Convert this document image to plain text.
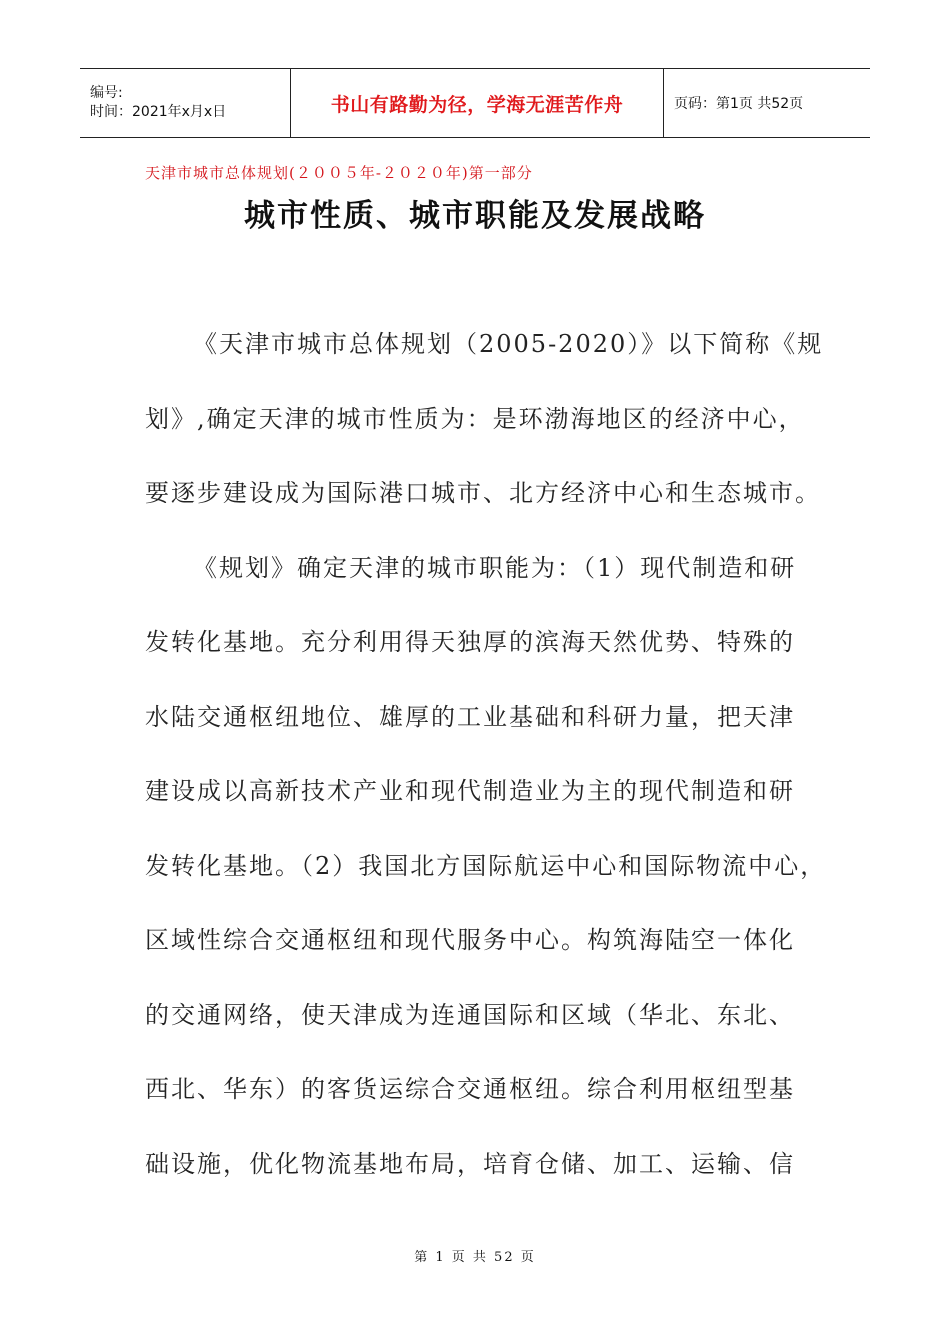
编号:
时间：2021年x月x日	书山有路勤为径，学海无涯苦作舟	页码：第1页 共52页
天津市城市总体规划(２００５年-２０２０年)第一部分
城市性质、城市职能及发展战略
《天津市城市总体规划（2005-2020）》以下简称《规
划》,确定天津的城市性质为：是环渤海地区的经济中心，
要逐步建设成为国际港口城市、北方经济中心和生态城市。
《规划》确定天津的城市职能为：（1）现代制造和研
发转化基地。充分利用得天独厚的滨海天然优势、特殊的
水陆交通枢纽地位、雄厚的工业基础和科研力量，把天津
建设成以高新技术产业和现代制造业为主的现代制造和研
发转化基地。（2）我国北方国际航运中心和国际物流中心，
区域性综合交通枢纽和现代服务中心。构筑海陆空一体化
的交通网络，使天津成为连通国际和区域（华北、东北、
西北、华东）的客货运综合交通枢纽。综合利用枢纽型基
础设施，优化物流基地布局，培育仓储、加工、运输、信
第 1 页 共 52 页
